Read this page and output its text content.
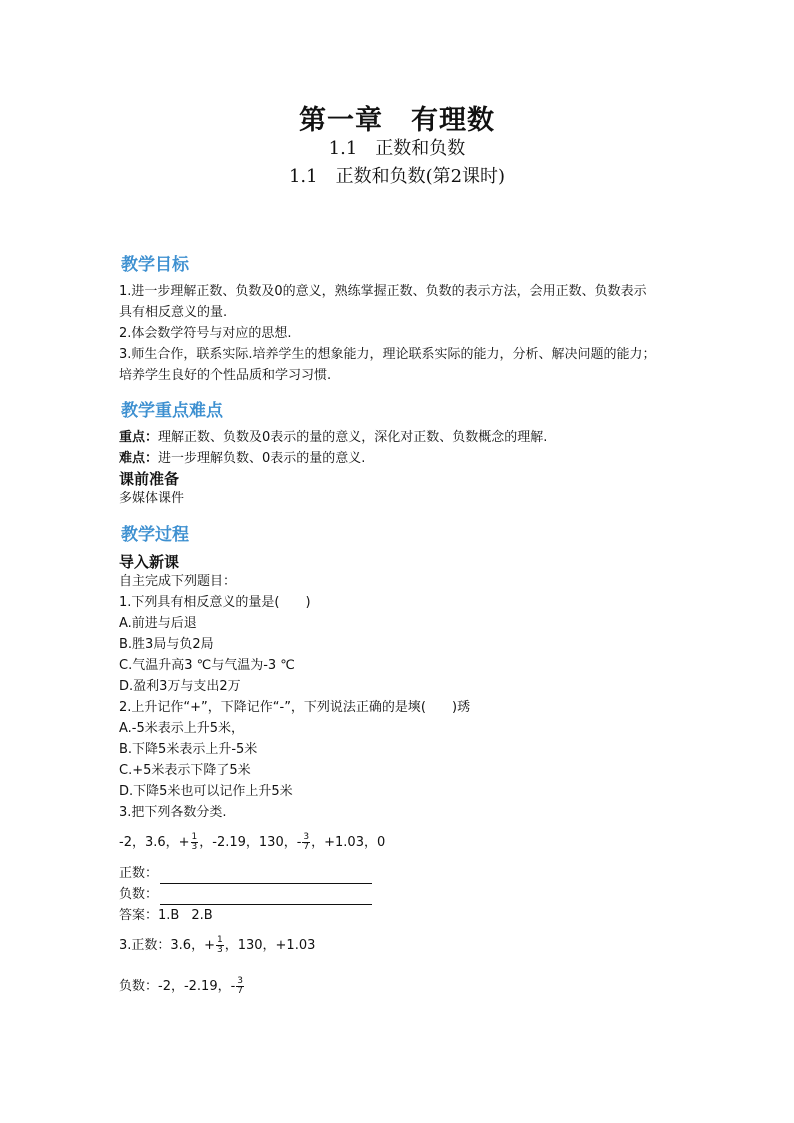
第一章　有理数
1.1　正数和负数
1.1　正数和负数(第2课时)
教学目标
1.进一步理解正数、负数及0的意义，熟练掌握正数、负数的表示方法，会用正数、负数表示
具有相反意义的量.
2.体会数学符号与对应的思想.
3.师生合作，联系实际.培养学生的想象能力，理论联系实际的能力，分析、解决问题的能力；
培养学生良好的个性品质和学习习惯.
教学重点难点
重点：理解正数、负数及0表示的量的意义，深化对正数、负数概念的理解.
难点：进一步理解负数、0表示的量的意义.
课前准备
多媒体课件
教学过程
导入新课
自主完成下列题目：
1.下列具有相反意义的量是(　　)
A.前进与后退
B.胜3局与负2局
C.气温升高3 ℃与气温为-3 ℃
D.盈利3万与支出2万
2.上升记作“+”，下降记作“-”，下列说法正确的是塽(　　)琇
A.-5米表示上升5米，
B.下降5米表示上升-5米
C.+5米表示下降了5米
D.下降5米也可以记作上升5米
3.把下列各数分类.
-2，3.6，+ $\frac{1}{3}$ ，-2.19，130，- $\frac{3}{7}$ ，+1.03，0
正数：
负数：
答案：1.B 2.B
3.正数：3.6，+ $\frac{1}{3}$ ，130，+1.03
负数：-2，-2.19，- $\frac{3}{7}$
